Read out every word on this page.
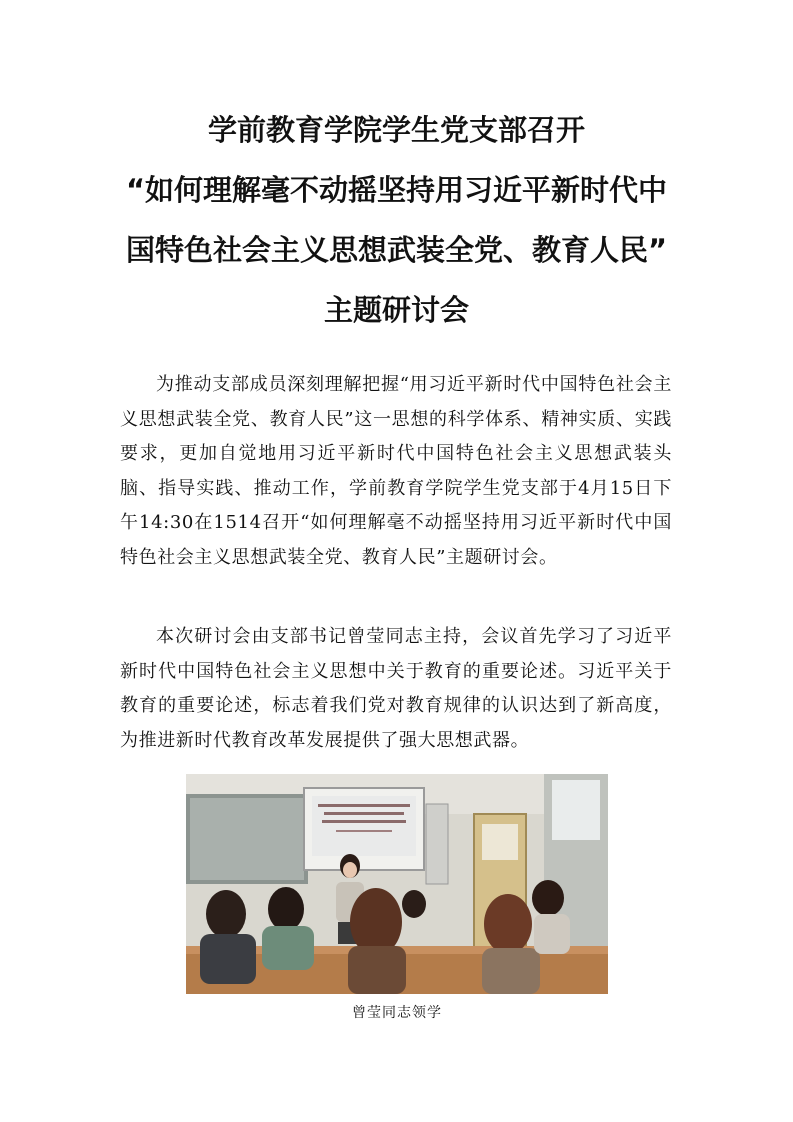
学前教育学院学生党支部召开
“如何理解毫不动摇坚持用习近平新时代中
国特色社会主义思想武装全党、教育人民”
主题研讨会

为推动支部成员深刻理解把握“用习近平新时代中国特色社会主义思想武装全党、教育人民”这一思想的科学体系、精神实质、实践要求，更加自觉地用习近平新时代中国特色社会主义思想武装头脑、指导实践、推动工作，学前教育学院学生党支部于4月15日下午14:30在1514召开“如何理解毫不动摇坚持用习近平新时代中国特色社会主义思想武装全党、教育人民”主题研讨会。

本次研讨会由支部书记曾莹同志主持，会议首先学习了习近平新时代中国特色社会主义思想中关于教育的重要论述。习近平关于教育的重要论述，标志着我们党对教育规律的认识达到了新高度，为推进新时代教育改革发展提供了强大思想武器。

曾莹同志领学
